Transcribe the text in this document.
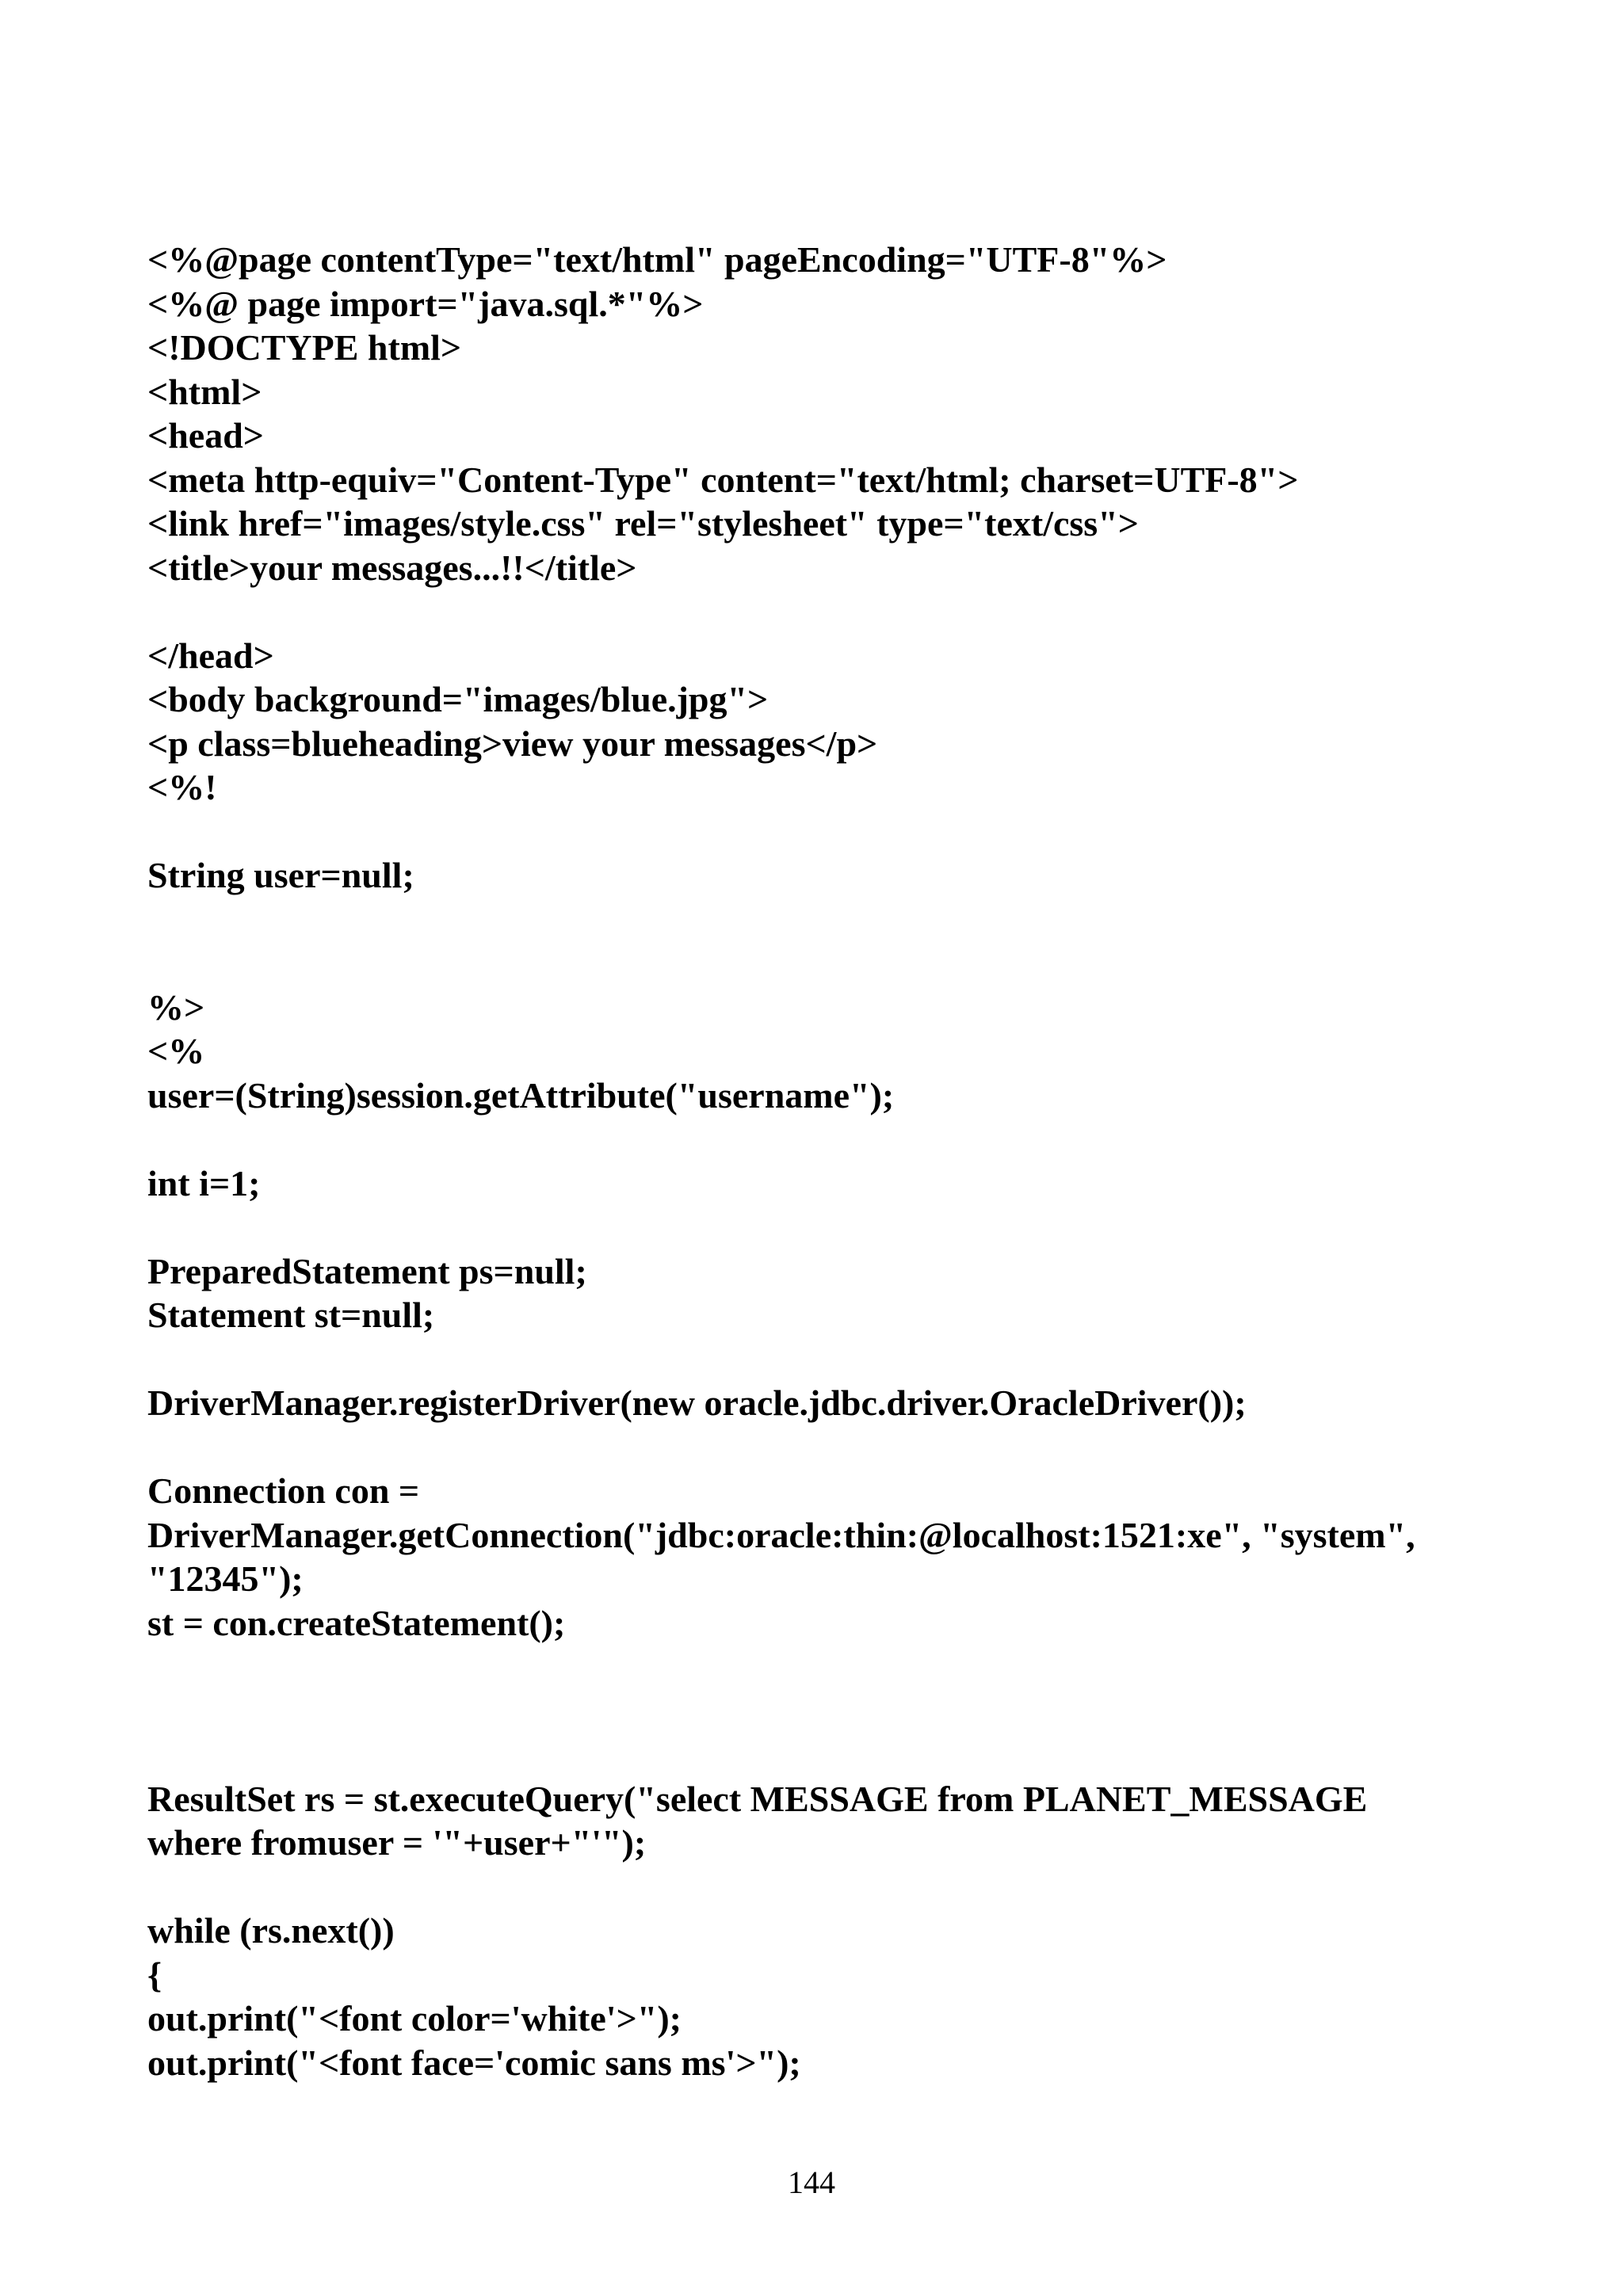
<%@page contentType="text/html" pageEncoding="UTF-8"%>
<%@ page import="java.sql.*"%>
<!DOCTYPE html>
<html>
<head>
<meta http-equiv="Content-Type" content="text/html; charset=UTF-8">
<link href="images/style.css" rel="stylesheet" type="text/css">
<title>your messages...!!</title>
</head>
<body background="images/blue.jpg">
<p class=blueheading>view your messages</p>
<%!
String user=null;
%>
<%
user=(String)session.getAttribute("username");
int i=1;
PreparedStatement ps=null;
Statement st=null;
DriverManager.registerDriver(new oracle.jdbc.driver.OracleDriver());
Connection con =
DriverManager.getConnection("jdbc:oracle:thin:@localhost:1521:xe", "system",
"12345");
st = con.createStatement();
ResultSet rs = st.executeQuery("select MESSAGE from PLANET_MESSAGE
where fromuser = '"+user+"'");
while (rs.next())
{
out.print("<font color='white'>");
out.print("<font face='comic sans ms'>");
144
